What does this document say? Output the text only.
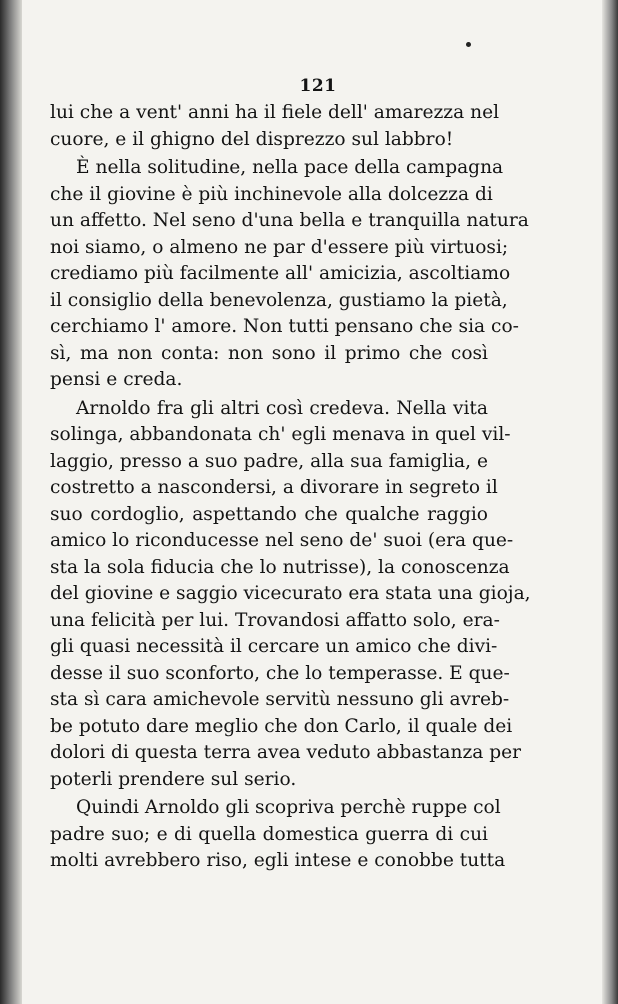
121
lui che a vent' anni ha il fiele dell' amarezza nel
cuore, e il ghigno del disprezzo sul labbro!
È nella solitudine, nella pace della campagna
che il giovine è più inchinevole alla dolcezza di
un affetto. Nel seno d'una bella e tranquilla natura
noi siamo, o almeno ne par d'essere più virtuosi;
crediamo più facilmente all' amicizia, ascoltiamo
il consiglio della benevolenza, gustiamo la pietà,
cerchiamo l' amore. Non tutti pensano che sia co-
sì, ma non conta: non sono il primo che così
pensi e creda.
Arnoldo fra gli altri così credeva. Nella vita
solinga, abbandonata ch' egli menava in quel vil-
laggio, presso a suo padre, alla sua famiglia, e
costretto a nascondersi, a divorare in segreto il
suo cordoglio, aspettando che qualche raggio
amico lo riconducesse nel seno de' suoi (era que-
sta la sola fiducia che lo nutrisse), la conoscenza
del giovine e saggio vicecurato era stata una gioja,
una felicità per lui. Trovandosi affatto solo, era-
gli quasi necessità il cercare un amico che divi-
desse il suo sconforto, che lo temperasse. E que-
sta sì cara amichevole servitù nessuno gli avreb-
be potuto dare meglio che don Carlo, il quale dei
dolori di questa terra avea veduto abbastanza per
poterli prendere sul serio.
Quindi Arnoldo gli scopriva perchè ruppe col
padre suo; e di quella domestica guerra di cui
molti avrebbero riso, egli intese e conobbe tutta
